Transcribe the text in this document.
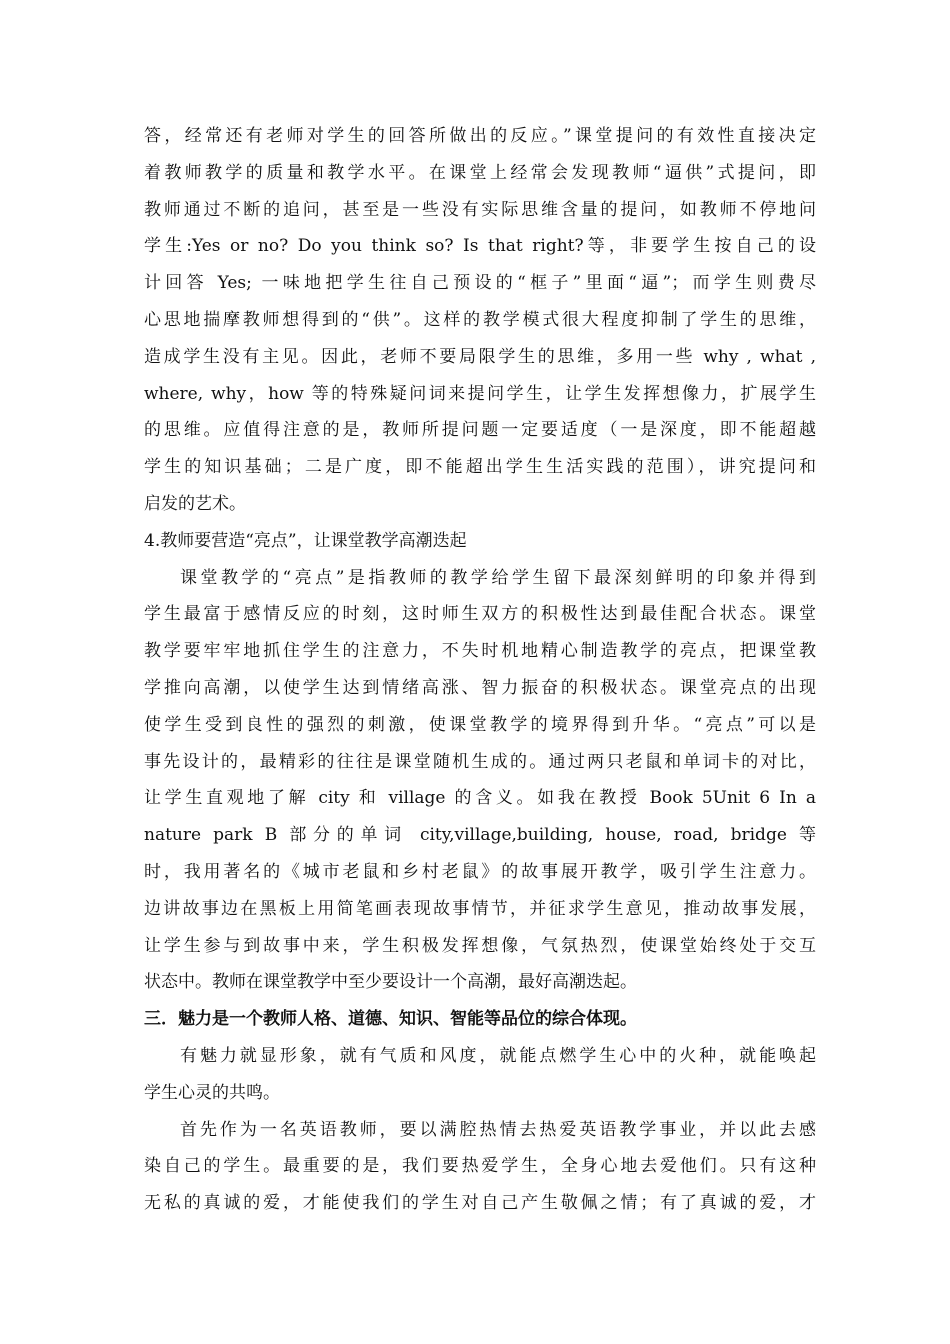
答，经常还有老师对学生的回答所做出的反应。”课堂提问的有效性直接决定
着教师教学的质量和教学水平。在课堂上经常会发现教师“逼供”式提问，即
教师通过不断的追问，甚至是一些没有实际思维含量的提问，如教师不停地问
学生:Yes or no? Do you think so? Is that right?等，非要学生按自己的设
计回答 Yes; 一味地把学生往自己预设的“框子”里面“逼”；而学生则费尽
心思地揣摩教师想得到的“供”。这样的教学模式很大程度抑制了学生的思维，
造成学生没有主见。因此，老师不要局限学生的思维，多用一些 why , what ,
where, why，how 等的特殊疑问词来提问学生，让学生发挥想像力，扩展学生
的思维。应值得注意的是，教师所提问题一定要适度（一是深度，即不能超越
学生的知识基础；二是广度，即不能超出学生生活实践的范围），讲究提问和
启发的艺术。
4.教师要营造“亮点”，让课堂教学高潮迭起
课堂教学的“亮点”是指教师的教学给学生留下最深刻鲜明的印象并得到
学生最富于感情反应的时刻，这时师生双方的积极性达到最佳配合状态。课堂
教学要牢牢地抓住学生的注意力，不失时机地精心制造教学的亮点，把课堂教
学推向高潮，以使学生达到情绪高涨、智力振奋的积极状态。课堂亮点的出现
使学生受到良性的强烈的刺激，使课堂教学的境界得到升华。“亮点”可以是
事先设计的，最精彩的往往是课堂随机生成的。通过两只老鼠和单词卡的对比，
让学生直观地了解 city 和 village 的含义。如我在教授 Book 5Unit 6 In a
nature park B 部分的单词 city,village,building, house, road, bridge 等
时，我用著名的《城市老鼠和乡村老鼠》的故事展开教学，吸引学生注意力。
边讲故事边在黑板上用简笔画表现故事情节，并征求学生意见，推动故事发展，
让学生参与到故事中来，学生积极发挥想像，气氛热烈，使课堂始终处于交互
状态中。教师在课堂教学中至少要设计一个高潮，最好高潮迭起。
三．魅力是一个教师人格、道德、知识、智能等品位的综合体现。
有魅力就显形象，就有气质和风度，就能点燃学生心中的火种，就能唤起
学生心灵的共鸣。
首先作为一名英语教师，要以满腔热情去热爱英语教学事业，并以此去感
染自己的学生。最重要的是，我们要热爱学生，全身心地去爱他们。只有这种
无私的真诚的爱，才能使我们的学生对自己产生敬佩之情；有了真诚的爱，才
